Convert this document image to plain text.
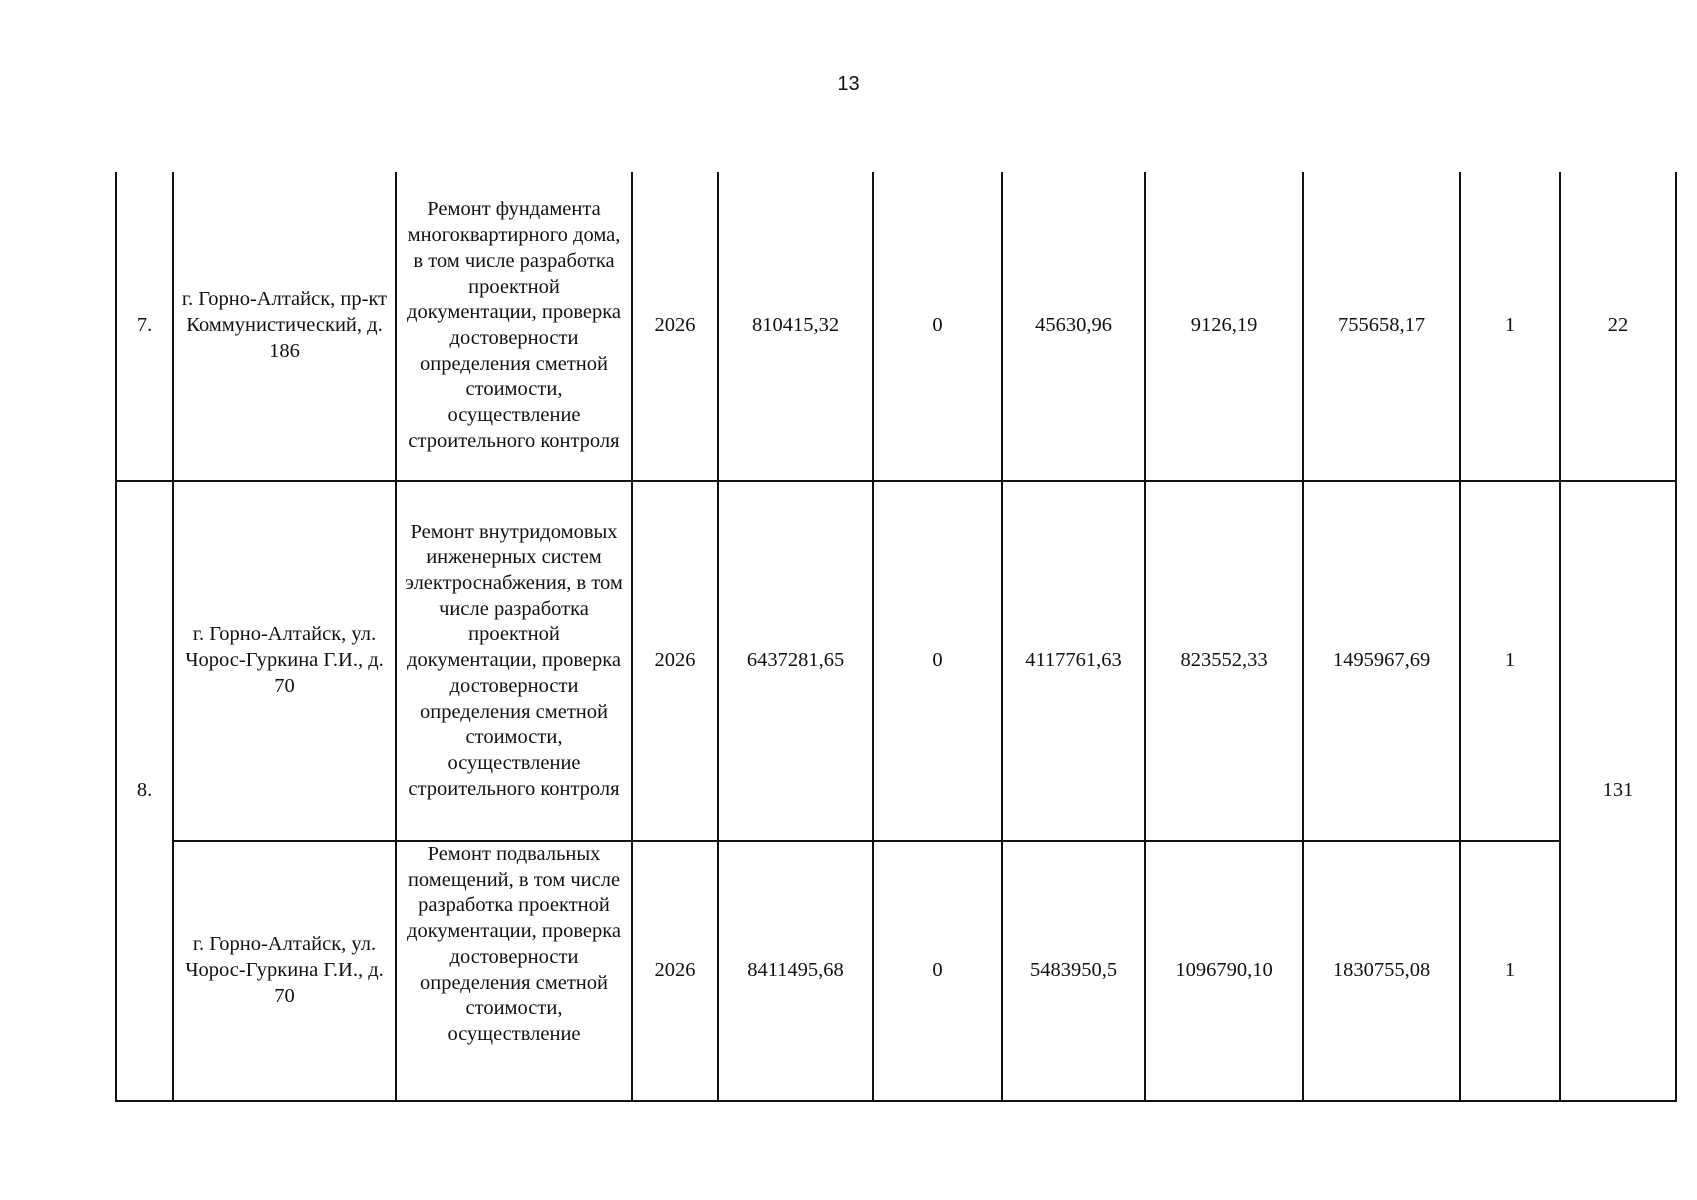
13
7.	г. Горно-Алтайск, пр-кт Коммунистический, д. 186	Ремонт фундамента многоквартирного дома, в том числе разработка проектной документации, проверка достоверности определения сметной стоимости, осуществление строительного контроля	2026	810415,32	0	45630,96	9126,19	755658,17	1	22
8.	г. Горно-Алтайск, ул. Чорос-Гуркина Г.И., д. 70	Ремонт внутридомовых инженерных систем электроснабжения, в том числе разработка проектной документации, проверка достоверности определения сметной стоимости, осуществление строительного контроля	2026	6437281,65	0	4117761,63	823552,33	1495967,69	1	131
	г. Горно-Алтайск, ул. Чорос-Гуркина Г.И., д. 70	Ремонт подвальных помещений, в том числе разработка проектной документации, проверка достоверности определения сметной стоимости, осуществление	2026	8411495,68	0	5483950,5	1096790,10	1830755,08	1	
